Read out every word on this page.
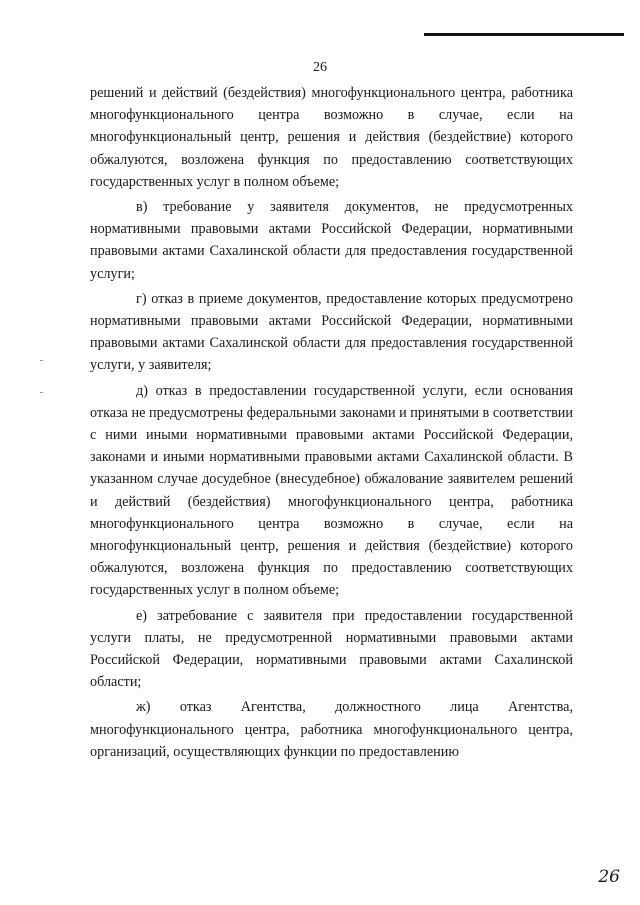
26

решений и действий (бездействия) многофункционального центра, работника многофункционального центра возможно в случае, если на многофункциональный центр, решения и действия (бездействие) которого обжалуются, возложена функция по предоставлению соответствующих государственных услуг в полном объеме;

в) требование у заявителя документов, не предусмотренных нормативными правовыми актами Российской Федерации, нормативными правовыми актами Сахалинской области для предоставления государственной услуги;

г) отказ в приеме документов, предоставление которых предусмотрено нормативными правовыми актами Российской Федерации, нормативными правовыми актами Сахалинской области для предоставления государственной услуги, у заявителя;

д) отказ в предоставлении государственной услуги, если основания отказа не предусмотрены федеральными законами и принятыми в соответствии с ними иными нормативными правовыми актами Российской Федерации, законами и иными нормативными правовыми актами Сахалинской области. В указанном случае досудебное (внесудебное) обжалование заявителем решений и действий (бездействия) многофункционального центра, работника многофункционального центра возможно в случае, если на многофункциональный центр, решения и действия (бездействие) которого обжалуются, возложена функция по предоставлению соответствующих государственных услуг в полном объеме;

е) затребование с заявителя при предоставлении государственной услуги платы, не предусмотренной нормативными правовыми актами Российской Федерации, нормативными правовыми актами Сахалинской области;

ж) отказ Агентства, должностного лица Агентства, многофункционального центра, работника многофункционального центра, организаций, осуществляющих функции по предоставлению

26
